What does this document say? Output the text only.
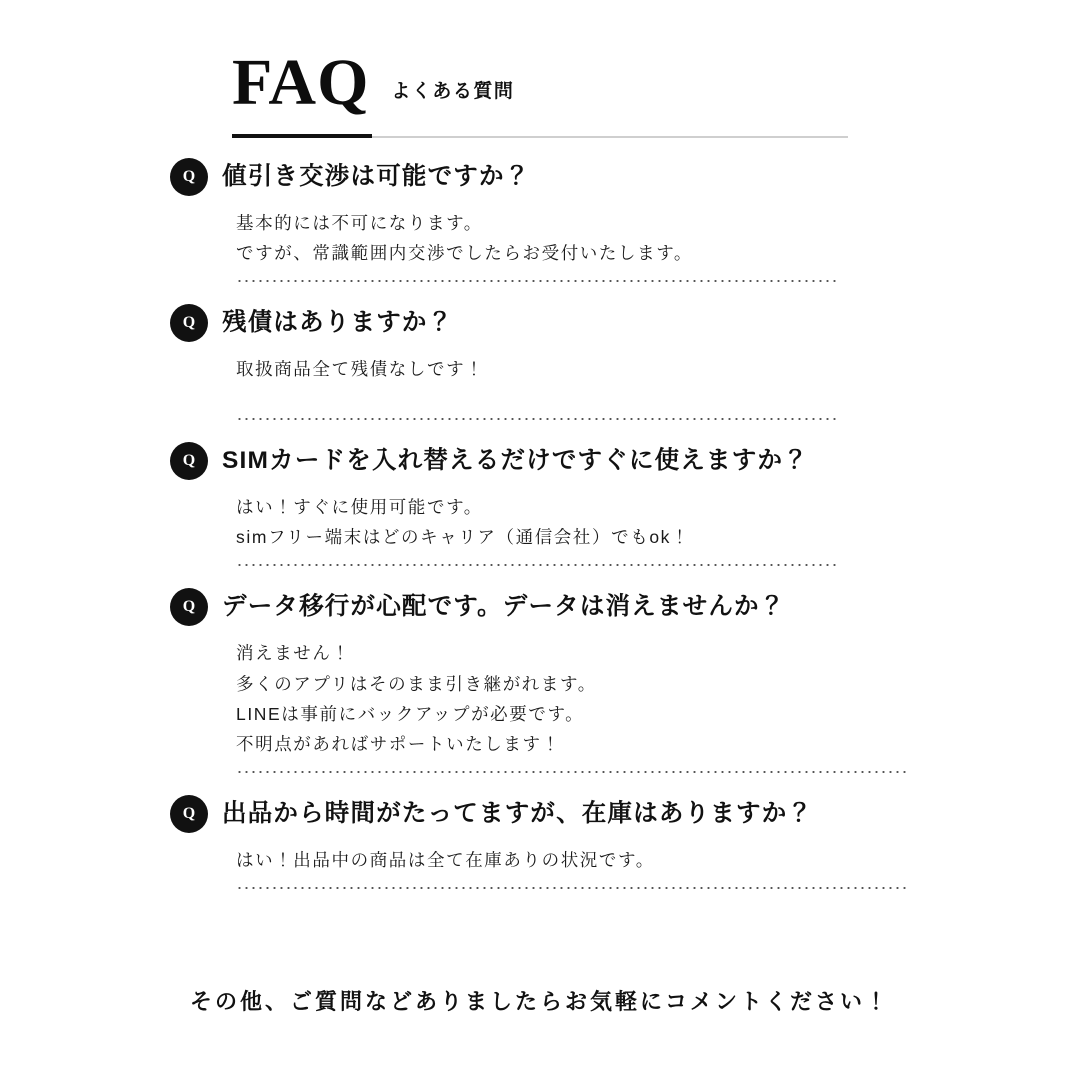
FAQ よくある質問
Q	値引き交渉は可能ですか？
基本的には不可になります。
ですが、常識範囲内交渉でしたらお受付いたします。
Q	残債はありますか？
取扱商品全て残債なしです！
Q	SIMカードを入れ替えるだけですぐに使えますか？
はい！すぐに使用可能です。
simフリー端末はどのキャリア（通信会社）でもok！
Q	データ移行が心配です。データは消えませんか？
消えません！
多くのアプリはそのまま引き継がれます。
LINEは事前にバックアップが必要です。
不明点があればサポートいたします！
Q	出品から時間がたってますが、在庫はありますか？
はい！出品中の商品は全て在庫ありの状況です。
その他、ご質問などありましたらお気軽にコメントください！
